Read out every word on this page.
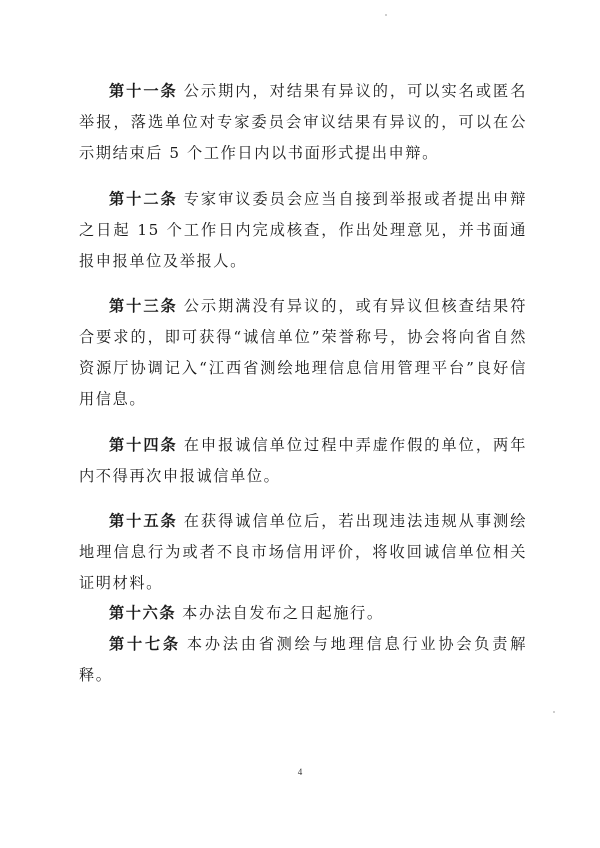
第十一条 公示期内，对结果有异议的，可以实名或匿名举报，落选单位对专家委员会审议结果有异议的，可以在公示期结束后 5 个工作日内以书面形式提出申辩。

第十二条 专家审议委员会应当自接到举报或者提出申辩之日起 15 个工作日内完成核查，作出处理意见，并书面通报申报单位及举报人。

第十三条 公示期满没有异议的，或有异议但核查结果符合要求的，即可获得“诚信单位”荣誉称号，协会将向省自然资源厅协调记入“江西省测绘地理信息信用管理平台”良好信用信息。

第十四条 在申报诚信单位过程中弄虚作假的单位，两年内不得再次申报诚信单位。

第十五条 在获得诚信单位后，若出现违法违规从事测绘地理信息行为或者不良市场信用评价，将收回诚信单位相关证明材料。

第十六条 本办法自发布之日起施行。

第十七条 本办法由省测绘与地理信息行业协会负责解释。

4
